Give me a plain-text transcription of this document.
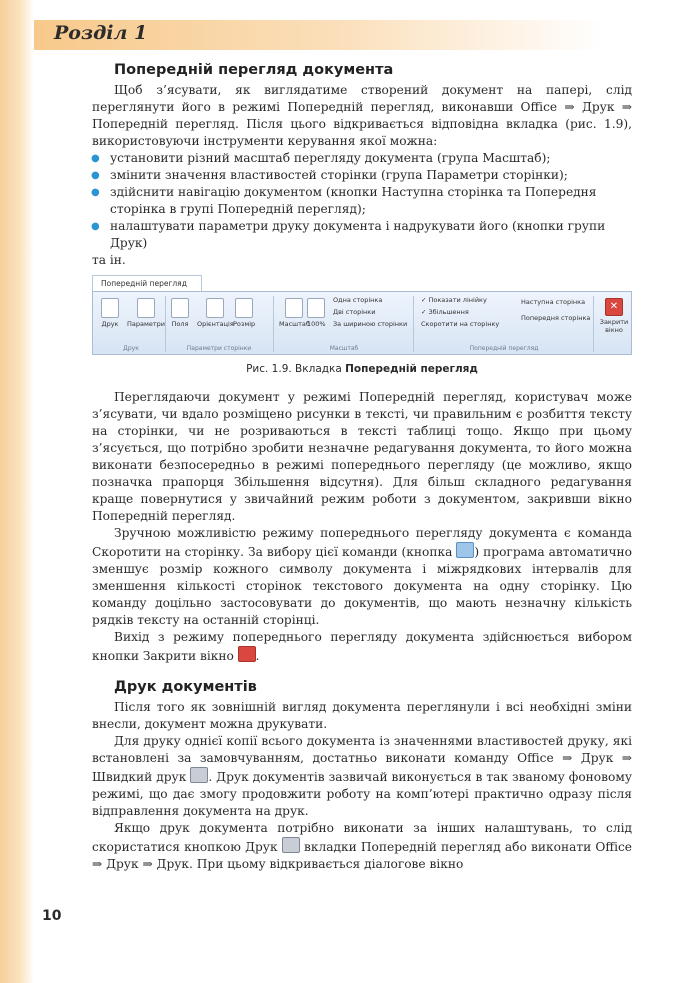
Розділ 1
Попередній перегляд документа

Щоб з’ясувати, як виглядатиме створений документ на папері, слід переглянути його в режимі Попередній перегляд, виконавши Office ⇒ Друк ⇒ Попередній перегляд. Після цього відкривається відповідна вкладка (рис. 1.9), використовуючи інструменти керування якої можна:

● установити різний масштаб перегляду документа (група Масштаб);
● змінити значення властивостей сторінки (група Параметри сторінки);
● здійснити навігацію документом (кнопки Наступна сторінка та Попередня сторінка в групі Попередній перегляд);
● налаштувати параметри друку документа і надрукувати його (кнопки групи Друк)

та ін.

Попередній перегляд
Друк Параметри
Друк
Поля Орієнтація Розмір
Параметри сторінки
Масштаб
100%
Одна сторінка
Дві сторінки
За шириною сторінки
Масштаб
✓ Показати лінійку
✓ Збільшення
Скоротити на сторінку
Наступна сторінка
Попередня сторінка
Попередній перегляд
✕
Закрити вікно
Рис. 1.9. Вкладка Попередній перегляд

Переглядаючи документ у режимі Попередній перегляд, користувач може з’ясувати, чи вдало розміщено рисунки в тексті, чи правильним є розбиття тексту на сторінки, чи не розриваються в тексті таблиці тощо. Якщо при цьому з’ясується, що потрібно зробити незначне редагування документа, то його можна виконати безпосередньо в режимі попереднього перегляду (це можливо, якщо позначка прапорця Збільшення відсутня). Для більш складного редагування краще повернутися у звичайний режим роботи з документом, закривши вікно Попередній перегляд.

Зручною можливістю режиму попереднього перегляду документа є команда Скоротити на сторінку. За вибору цієї команди (кнопка ) програма автоматично зменшує розмір кожного символу документа і міжрядкових інтервалів для зменшення кількості сторінок текстового документа на одну сторінку. Цю команду доцільно застосовувати до документів, що мають незначну кількість рядків тексту на останній сторінці.

Вихід з режиму попереднього перегляду документа здійснюється вибором кнопки Закрити вікно .

Друк документів

Після того як зовнішній вигляд документа переглянули і всі необхідні зміни внесли, документ можна друкувати.

Для друку однієї копії всього документа із значеннями властивостей друку, які встановлені за замовчуванням, достатньо виконати команду Office ⇒ Друк ⇒ Швидкий друк . Друк документів зазвичай виконується в так званому фоновому режимі, що дає змогу продовжити роботу на комп’ютері практично одразу після відправлення документа на друк.

Якщо друк документа потрібно виконати за інших налаштувань, то слід скористатися кнопкою Друк вкладки Попередній перегляд або виконати Office ⇒ Друк ⇒ Друк. При цьому відкривається діалогове вікно

10
